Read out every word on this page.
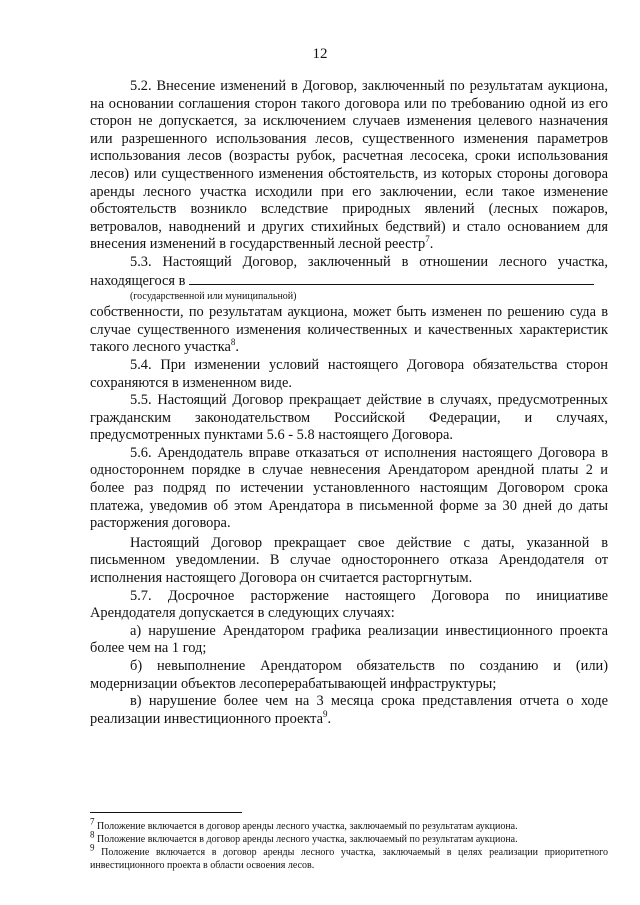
12

5.2. Внесение изменений в Договор, заключенный по результатам аукциона, на основании соглашения сторон такого договора или по требованию одной из его сторон не допускается, за исключением случаев изменения целевого назначения или разрешенного использования лесов, существенного изменения параметров использования лесов (возрасты рубок, расчетная лесосека, сроки использования лесов) или существенного изменения обстоятельств, из которых стороны договора аренды лесного участка исходили при его заключении, если такое изменение обстоятельств возникло вследствие природных явлений (лесных пожаров, ветровалов, наводнений и других стихийных бедствий) и стало основанием для внесения изменений в государственный лесной реестр$^7$.

5.3. Настоящий Договор, заключенный в отношении лесного участка, находящегося в

(государственной или муниципальной)

собственности, по результатам аукциона, может быть изменен по решению суда в случае существенного изменения количественных и качественных характеристик такого лесного участка$^8$.

5.4. При изменении условий настоящего Договора обязательства сторон сохраняются в измененном виде.

5.5. Настоящий Договор прекращает действие в случаях, предусмотренных гражданским законодательством Российской Федерации, и случаях, предусмотренных пунктами 5.6 - 5.8 настоящего Договора.

5.6. Арендодатель вправе отказаться от исполнения настоящего Договора в одностороннем порядке в случае невнесения Арендатором арендной платы 2 и более раз подряд по истечении установленного настоящим Договором срока платежа, уведомив об этом Арендатора в письменной форме за 30 дней до даты расторжения договора.

Настоящий Договор прекращает свое действие с даты, указанной в письменном уведомлении. В случае одностороннего отказа Арендодателя от исполнения настоящего Договора он считается расторгнутым.

5.7. Досрочное расторжение настоящего Договора по инициативе Арендодателя допускается в следующих случаях:

а) нарушение Арендатором графика реализации инвестиционного проекта более чем на 1 год;

б) невыполнение Арендатором обязательств по созданию и (или) модернизации объектов лесоперерабатывающей инфраструктуры;

в) нарушение более чем на 3 месяца срока представления отчета о ходе реализации инвестиционного проекта$^9$.

$^7$ Положение включается в договор аренды лесного участка, заключаемый по результатам аукциона.

$^8$ Положение включается в договор аренды лесного участка, заключаемый по результатам аукциона.

$^9$ Положение включается в договор аренды лесного участка, заключаемый в целях реализации приоритетного инвестиционного проекта в области освоения лесов.
